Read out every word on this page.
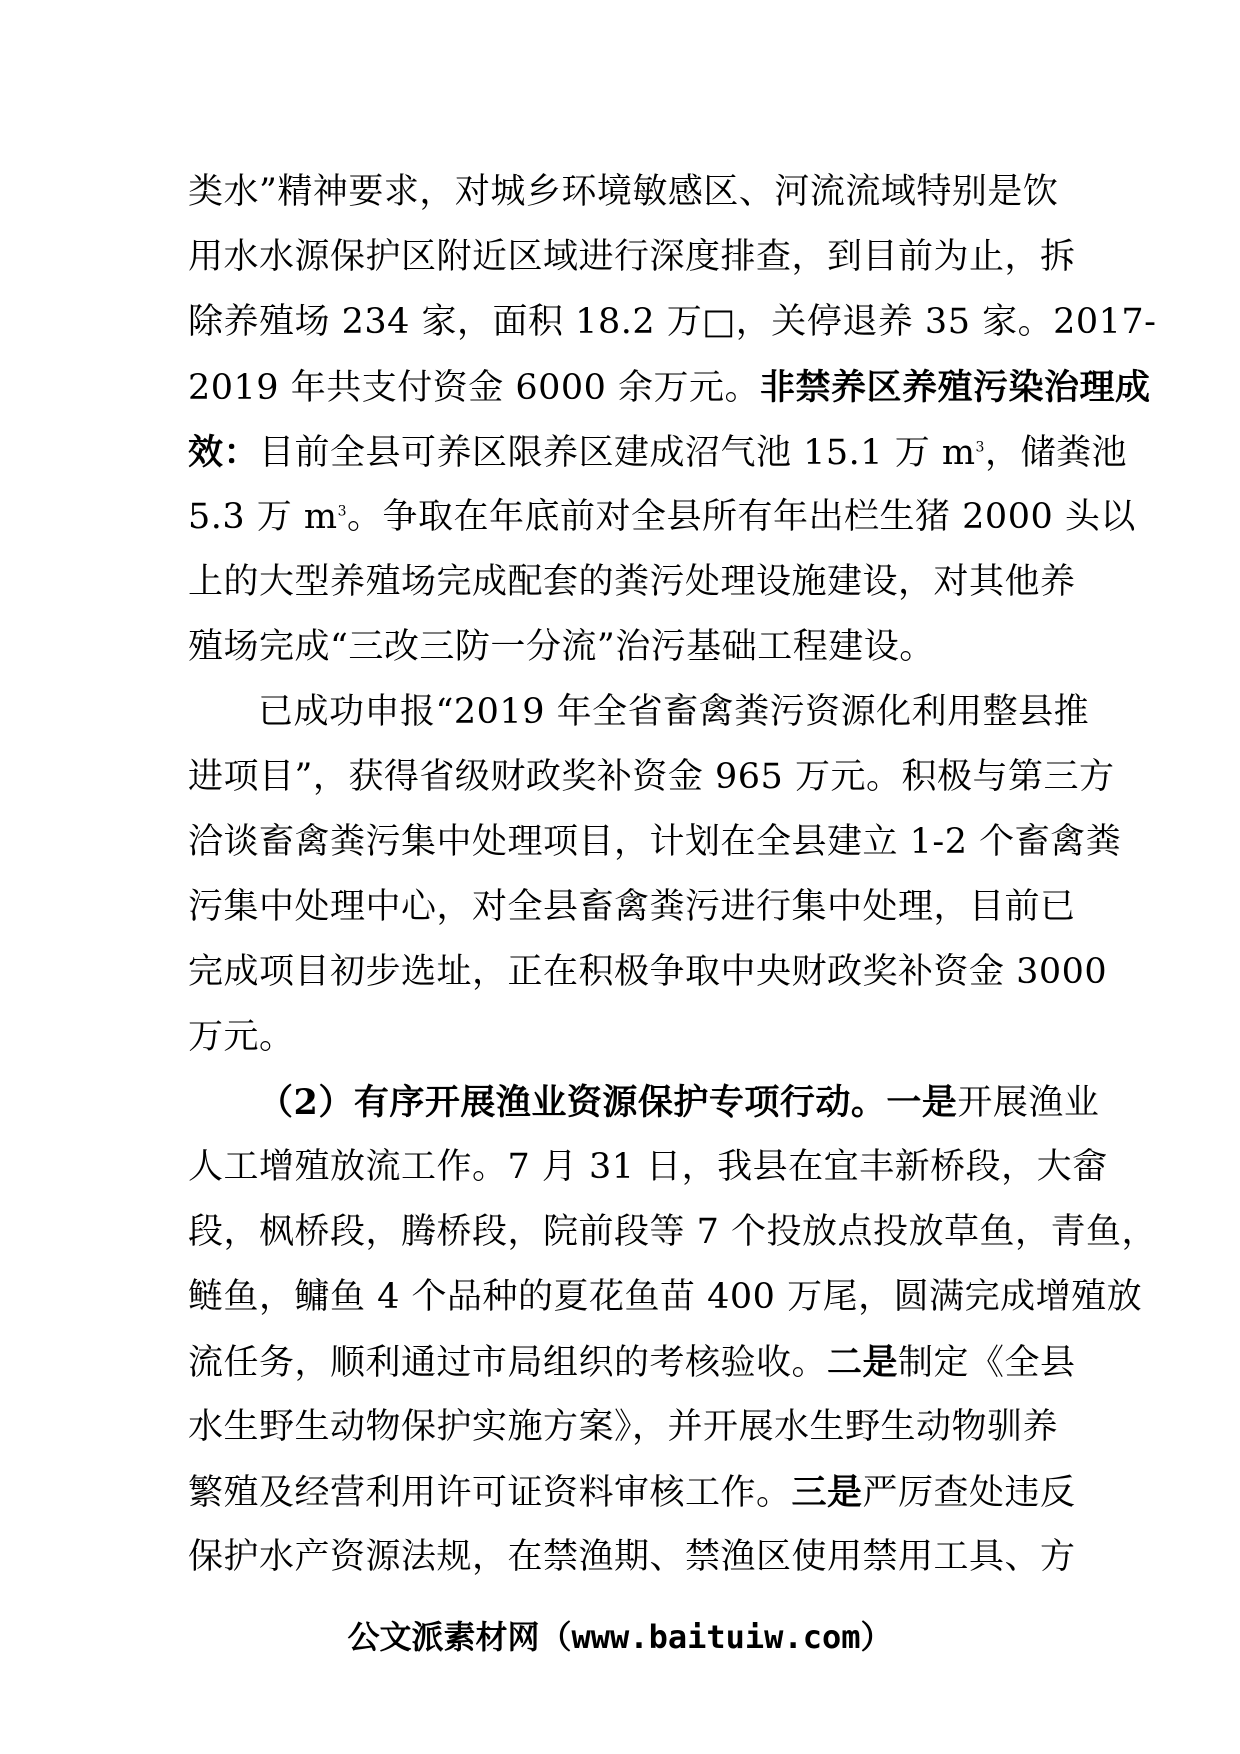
类水”精神要求，对城乡环境敏感区、河流流域特别是饮
用水水源保护区附近区域进行深度排查，到目前为止，拆
除养殖场 234 家，面积 18.2 万□，关停退养 35 家。2017-
2019 年共支付资金 6000 余万元。非禁养区养殖污染治理成
效：目前全县可养区限养区建成沼气池 15.1 万 $m^3$，储粪池
5.3 万 $m^3$。争取在年底前对全县所有年出栏生猪 2000 头以
上的大型养殖场完成配套的粪污处理设施建设，对其他养
殖场完成“三改三防一分流”治污基础工程建设。
已成功申报“2019 年全省畜禽粪污资源化利用整县推
进项目”，获得省级财政奖补资金 965 万元。积极与第三方
洽谈畜禽粪污集中处理项目，计划在全县建立 1-2 个畜禽粪
污集中处理中心，对全县畜禽粪污进行集中处理，目前已
完成项目初步选址，正在积极争取中央财政奖补资金 3000
万元。
（2）有序开展渔业资源保护专项行动。一是开展渔业
人工增殖放流工作。7 月 31 日，我县在宜丰新桥段，大畲
段，枫桥段，腾桥段，院前段等 7 个投放点投放草鱼，青鱼，
鲢鱼，鳙鱼 4 个品种的夏花鱼苗 400 万尾，圆满完成增殖放
流任务，顺利通过市局组织的考核验收。二是制定《全县
水生野生动物保护实施方案》，并开展水生野生动物驯养
繁殖及经营利用许可证资料审核工作。三是严厉查处违反
保护水产资源法规，在禁渔期、禁渔区使用禁用工具、方
公文派素材网（www.baituiw.com）
